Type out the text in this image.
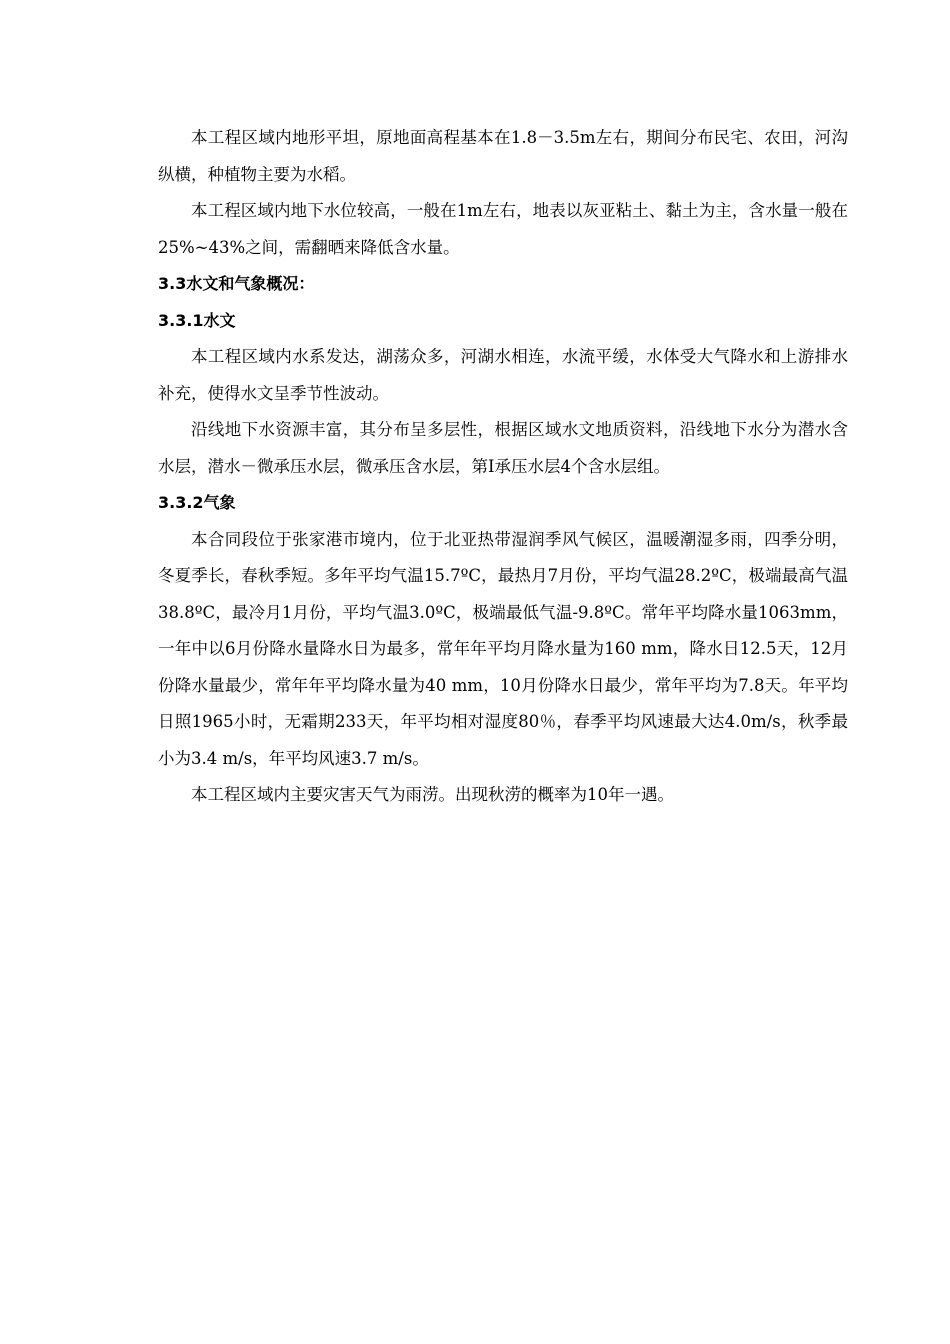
本工程区域内地形平坦，原地面高程基本在1.8－3.5m左右，期间分布民宅、农田，河沟纵横，种植物主要为水稻。

本工程区域内地下水位较高，一般在1m左右，地表以灰亚粘土、黏土为主，含水量一般在25%~43%之间，需翻晒来降低含水量。

3.3水文和气象概况：

3.3.1水文

本工程区域内水系发达，湖荡众多，河湖水相连，水流平缓，水体受大气降水和上游排水补充，使得水文呈季节性波动。

沿线地下水资源丰富，其分布呈多层性，根据区域水文地质资料，沿线地下水分为潜水含水层，潜水－微承压水层，微承压含水层，第I承压水层4个含水层组。

3.3.2气象

本合同段位于张家港市境内，位于北亚热带湿润季风气候区，温暖潮湿多雨，四季分明，冬夏季长，春秋季短。多年平均气温15.7ºC，最热月7月份，平均气温28.2ºC，极端最高气温38.8ºC，最冷月1月份，平均气温3.0ºC，极端最低气温-9.8ºC。常年平均降水量1063mm，一年中以6月份降水量降水日为最多，常年年平均月降水量为160 mm，降水日12.5天，12月份降水量最少，常年年平均降水量为40 mm，10月份降水日最少，常年平均为7.8天。年平均日照1965小时，无霜期233天，年平均相对湿度80％，春季平均风速最大达4.0m/s，秋季最小为3.4 m/s，年平均风速3.7 m/s。

本工程区域内主要灾害天气为雨涝。出现秋涝的概率为10年一遇。
